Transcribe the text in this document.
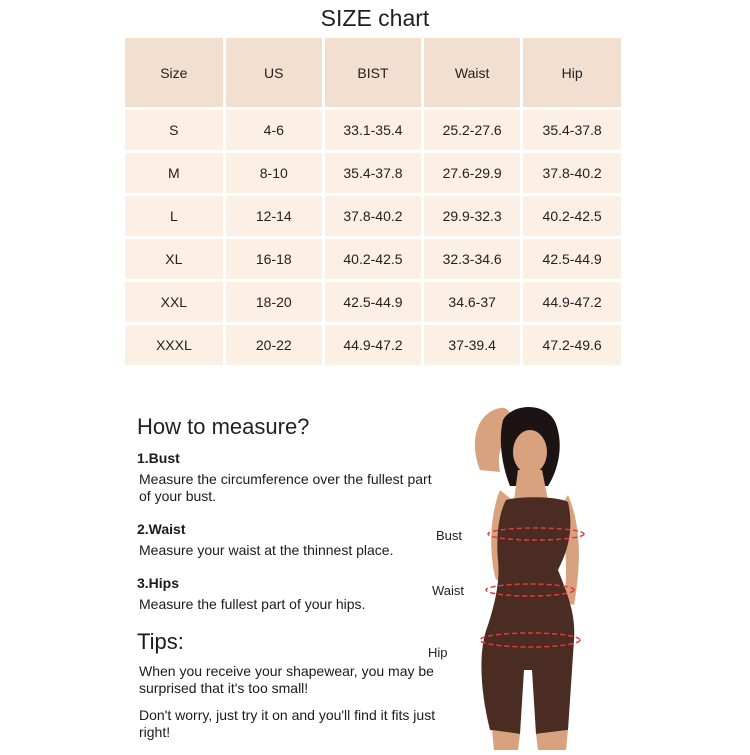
SIZE chart
Size	US	BIST	Waist	Hip
S	4-6	33.1-35.4	25.2-27.6	35.4-37.8
M	8-10	35.4-37.8	27.6-29.9	37.8-40.2
L	12-14	37.8-40.2	29.9-32.3	40.2-42.5
XL	16-18	40.2-42.5	32.3-34.6	42.5-44.9
XXL	18-20	42.5-44.9	34.6-37	44.9-47.2
XXXL	20-22	44.9-47.2	37-39.4	47.2-49.6
How to measure?
1.Bust
Measure the circumference over the fullest part of your bust.
2.Waist
Measure your waist at the thinnest place.
3.Hips
Measure the fullest part of your hips.
Tips:
When you receive your shapewear, you may be surprised that it's too small!
Don't worry, just try it on and you'll find it fits just right!
Bust
Waist
Hip
